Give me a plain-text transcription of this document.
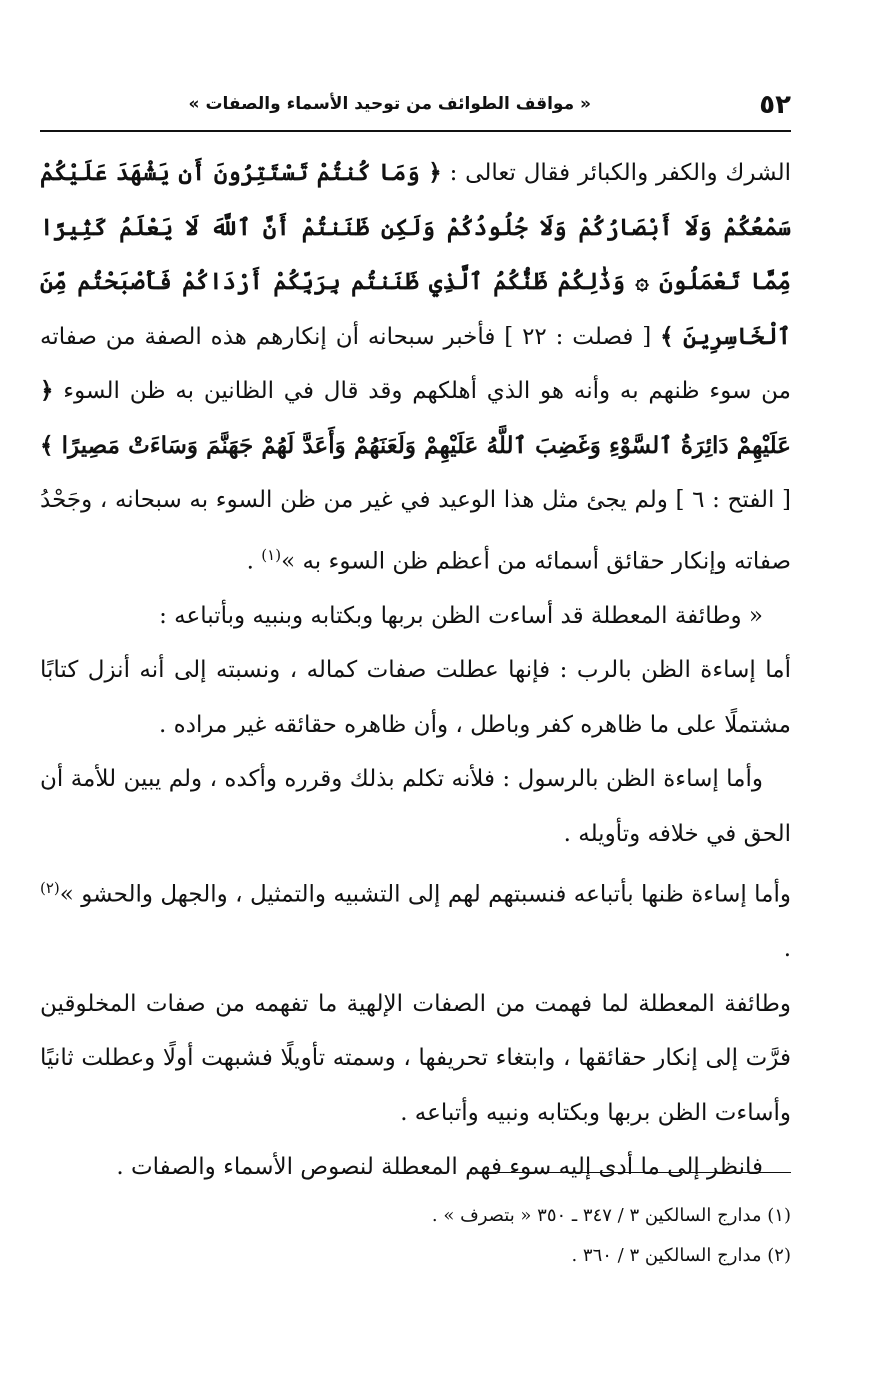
٥٢
« مواقف الطوائف من توحيد الأسماء والصفات »

الشرك والكفر والكبائر فقال تعالى : ﴿ وَمَا كُنتُمْ تَسْتَتِرُونَ أَن يَشْهَدَ عَلَيْكُمْ سَمْعُكُمْ وَلَا أَبْصَارُكُمْ وَلَا جُلُودُكُمْ وَلَكِن ظَنَنتُمْ أَنَّ ٱللَّهَ لَا يَعْلَمُ كَثِيرًا مِّمَّا تَعْمَلُونَ ۞ وَذَٰلِكُمْ ظَنُّكُمُ ٱلَّذِي ظَنَنتُم بِرَبِّكُمْ أَرْدَاكُمْ فَأَصْبَحْتُم مِّنَ ٱلْخَاسِرِينَ ﴾ [ فصلت : ٢٢ ] فأخبر سبحانه أن إنكارهم هذه الصفة من صفاته من سوء ظنهم به وأنه هو الذي أهلكهم وقد قال في الظانين به ظن السوء ﴿ عَلَيْهِمْ دَائِرَةُ ٱلسَّوْءِ وَغَضِبَ ٱللَّهُ عَلَيْهِمْ وَلَعَنَهُمْ وَأَعَدَّ لَهُمْ جَهَنَّمَ وَسَاءَتْ مَصِيرًا ﴾ [ الفتح : ٦ ] ولم يجئ مثل هذا الوعيد في غير من ظن السوء به سبحانه ، وجَحْدُ صفاته وإنكار حقائق أسمائه من أعظم ظن السوء به »$^{(١)}$ .

« وطائفة المعطلة قد أساءت الظن بربها وبكتابه وبنبيه وبأتباعه :

أما إساءة الظن بالرب : فإنها عطلت صفات كماله ، ونسبته إلى أنه أنزل كتابًا مشتملًا على ما ظاهره كفر وباطل ، وأن ظاهره حقائقه غير مراده .

وأما إساءة الظن بالرسول : فلأنه تكلم بذلك وقرره وأكده ، ولم يبين للأمة أن الحق في خلافه وتأويله .

وأما إساءة ظنها بأتباعه فنسبتهم لهم إلى التشبيه والتمثيل ، والجهل والحشو »$^{(٢)}$ .

وطائفة المعطلة لما فهمت من الصفات الإلهية ما تفهمه من صفات المخلوقين فرَّت إلى إنكار حقائقها ، وابتغاء تحريفها ، وسمته تأويلًا فشبهت أولًا وعطلت ثانيًا وأساءت الظن بربها وبكتابه ونبيه وأتباعه .

فانظر إلى ما أدى إليه سوء فهم المعطلة لنصوص الأسماء والصفات .

(١) مدارج السالكين ٣ / ٣٤٧ ـ ٣٥٠ « بتصرف » .

(٢) مدارج السالكين ٣ / ٣٦٠ .
